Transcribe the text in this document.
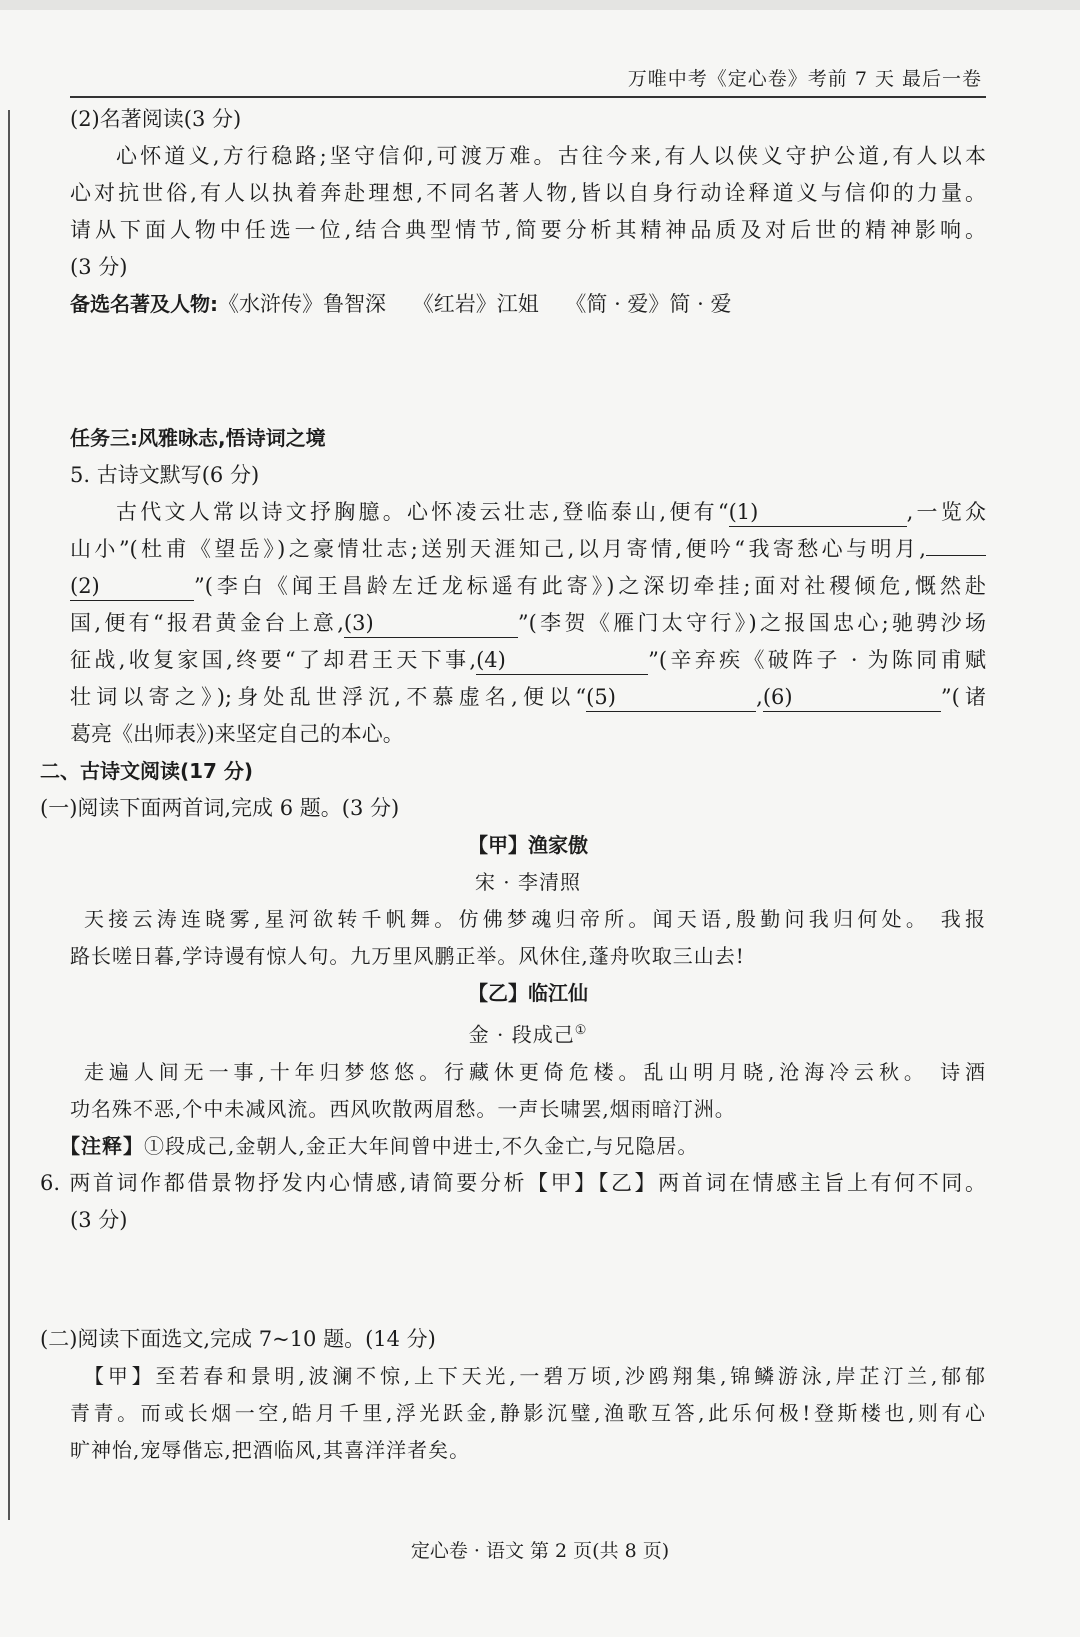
万唯中考《定心卷》考前 7 天 最后一卷
(2)名著阅读(3 分)
心怀道义,方行稳路;坚守信仰,可渡万难。古往今来,有人以侠义守护公道,有人以本
心对抗世俗,有人以执着奔赴理想,不同名著人物,皆以自身行动诠释道义与信仰的力量。
请从下面人物中任选一位,结合典型情节,简要分析其精神品质及对后世的精神影响。
(3 分)
备选名著及人物:《水浒传》鲁智深    《红岩》江姐    《简 · 爱》简 · 爱
任务三:风雅咏志,悟诗词之境
5. 古诗文默写(6 分)
古代文人常以诗文抒胸臆。心怀凌云壮志,登临泰山,便有“(1)	,一览众
山小”(杜甫《望岳》)之豪情壮志;送别天涯知己,以月寄情,便吟“我寄愁心与明月,
(2)	”(李白《闻王昌龄左迁龙标遥有此寄》)之深切牵挂;面对社稷倾危,慨然赴
国,便有“报君黄金台上意,(3)	”(李贺《雁门太守行》)之报国忠心;驰骋沙场
征战,收复家国,终要“了却君王天下事,(4)	”(辛弃疾《破阵子 · 为陈同甫赋
壮词以寄之》);身处乱世浮沉,不慕虚名,便以“(5)	,(6)	”(诸
葛亮《出师表》)来坚定自己的本心。
二、古诗文阅读(17 分)
(一)阅读下面两首词,完成 6 题。(3 分)
【甲】渔家傲
宋 · 李清照
天接云涛连晓雾,星河欲转千帆舞。仿佛梦魂归帝所。闻天语,殷勤问我归何处。 我报
路长嗟日暮,学诗谩有惊人句。九万里风鹏正举。风休住,蓬舟吹取三山去!
【乙】临江仙
金 · 段成己①
走遍人间无一事,十年归梦悠悠。行藏休更倚危楼。乱山明月晓,沧海冷云秋。 诗酒
功名殊不恶,个中未减风流。西风吹散两眉愁。一声长啸罢,烟雨暗汀洲。
【注释】①段成己,金朝人,金正大年间曾中进士,不久金亡,与兄隐居。
6. 两首词作都借景物抒发内心情感,请简要分析【甲】【乙】两首词在情感主旨上有何不同。
(3 分)
(二)阅读下面选文,完成 7~10 题。(14 分)
【甲】至若春和景明,波澜不惊,上下天光,一碧万顷,沙鸥翔集,锦鳞游泳,岸芷汀兰,郁郁
青青。而或长烟一空,皓月千里,浮光跃金,静影沉璧,渔歌互答,此乐何极!登斯楼也,则有心
旷神怡,宠辱偕忘,把酒临风,其喜洋洋者矣。
定心卷 · 语文 第 2 页(共 8 页)
